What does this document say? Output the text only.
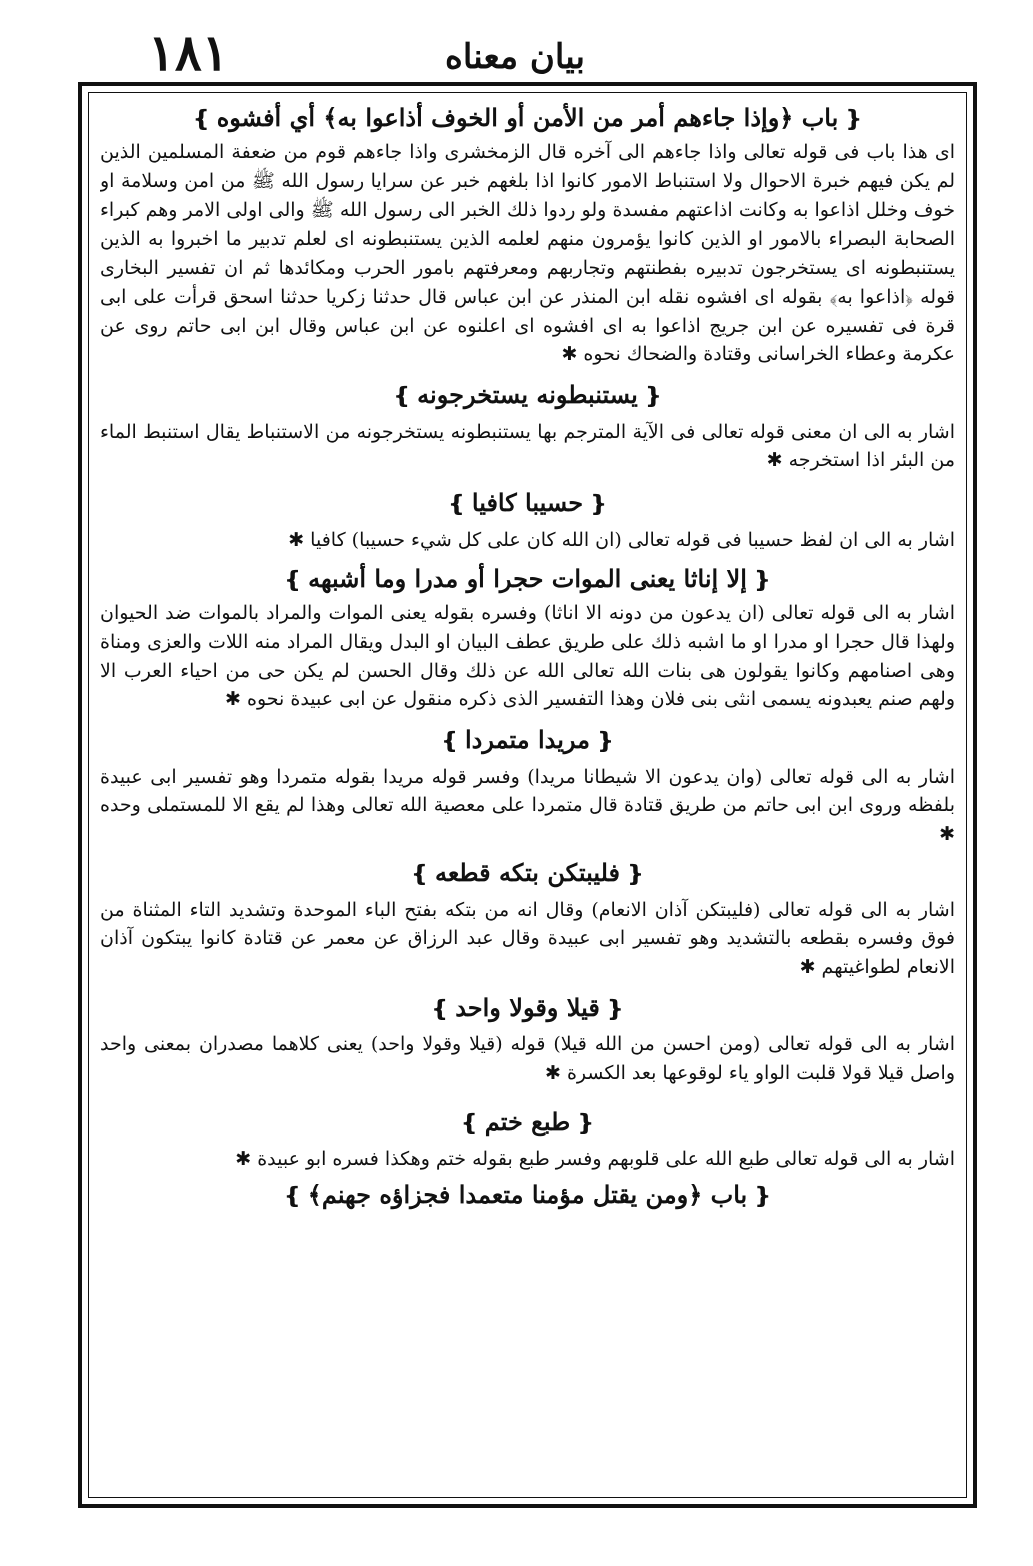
۱۸۱	بيان معناه
❴باب ﴿وإذا جاءهم أمر من الأمن أو الخوف أذاعوا به﴾ أي أفشوه❵

اى هذا باب فى قوله تعالى واذا جاءهم الى آخره قال الزمخشرى واذا جاءهم قوم من ضعفة المسلمين الذين لم يكن فيهم خبرة الاحوال ولا استنباط الامور كانوا اذا بلغهم خبر عن سرايا رسول الله ﷺ من امن وسلامة او خوف وخلل اذاعوا به وكانت اذاعتهم مفسدة ولو ردوا ذلك الخبر الى رسول الله ﷺ والى اولى الامر وهم كبراء الصحابة البصراء بالامور او الذين كانوا يؤمرون منهم لعلمه الذين يستنبطونه اى لعلم تدبير ما اخبروا به الذين يستنبطونه اى يستخرجون تدبيره بفطنتهم وتجاربهم ومعرفتهم بامور الحرب ومكائدها ثم ان تفسير البخارى قوله ﴿اذاعوا به﴾ بقوله اى افشوه نقله ابن المنذر عن ابن عباس قال حدثنا زكريا حدثنا اسحق قرأت على ابى قرة فى تفسيره عن ابن جريج اذاعوا به اى افشوه اى اعلنوه عن ابن عباس وقال ابن ابى حاتم روى عن عكرمة وعطاء الخراسانى وقتادة والضحاك نحوه ✱

❴يستنبطونه يستخرجونه❵

اشار به الى ان معنى قوله تعالى فى الآية المترجم بها يستنبطونه يستخرجونه من الاستنباط يقال استنبط الماء من البئر اذا استخرجه ✱

❴حسيبا كافيا❵

اشار به الى ان لفظ حسيبا فى قوله تعالى (ان الله كان على كل شيء حسيبا) كافيا ✱

❴إلا إناثا يعنى الموات حجرا أو مدرا وما أشبهه❵

اشار به الى قوله تعالى (ان يدعون من دونه الا اناثا) وفسره بقوله يعنى الموات والمراد بالموات ضد الحيوان ولهذا قال حجرا او مدرا او ما اشبه ذلك على طريق عطف البيان او البدل ويقال المراد منه اللات والعزى ومناة وهى اصنامهم وكانوا يقولون هى بنات الله تعالى الله عن ذلك وقال الحسن لم يكن حى من احياء العرب الا ولهم صنم يعبدونه يسمى انثى بنى فلان وهذا التفسير الذى ذكره منقول عن ابى عبيدة نحوه ✱

❴مريدا متمردا❵

اشار به الى قوله تعالى (وان يدعون الا شيطانا مريدا) وفسر قوله مريدا بقوله متمردا وهو تفسير ابى عبيدة بلفظه وروى ابن ابى حاتم من طريق قتادة قال متمردا على معصية الله تعالى وهذا لم يقع الا للمستملى وحده ✱

❴فليبتكن بتكه قطعه❵

اشار به الى قوله تعالى (فليبتكن آذان الانعام) وقال انه من بتكه بفتح الباء الموحدة وتشديد التاء المثناة من فوق وفسره بقطعه بالتشديد وهو تفسير ابى عبيدة وقال عبد الرزاق عن معمر عن قتادة كانوا يبتكون آذان الانعام لطواغيتهم ✱

❴قيلا وقولا واحد❵

اشار به الى قوله تعالى (ومن احسن من الله قيلا) قوله (قيلا وقولا واحد) يعنى كلاهما مصدران بمعنى واحد واصل قيلا قولا قلبت الواو ياء لوقوعها بعد الكسرة ✱

❴طبع ختم❵

اشار به الى قوله تعالى طبع الله على قلوبهم وفسر طبع بقوله ختم وهكذا فسره ابو عبيدة ✱

❴باب ﴿ومن يقتل مؤمنا متعمدا فجزاؤه جهنم﴾❵
